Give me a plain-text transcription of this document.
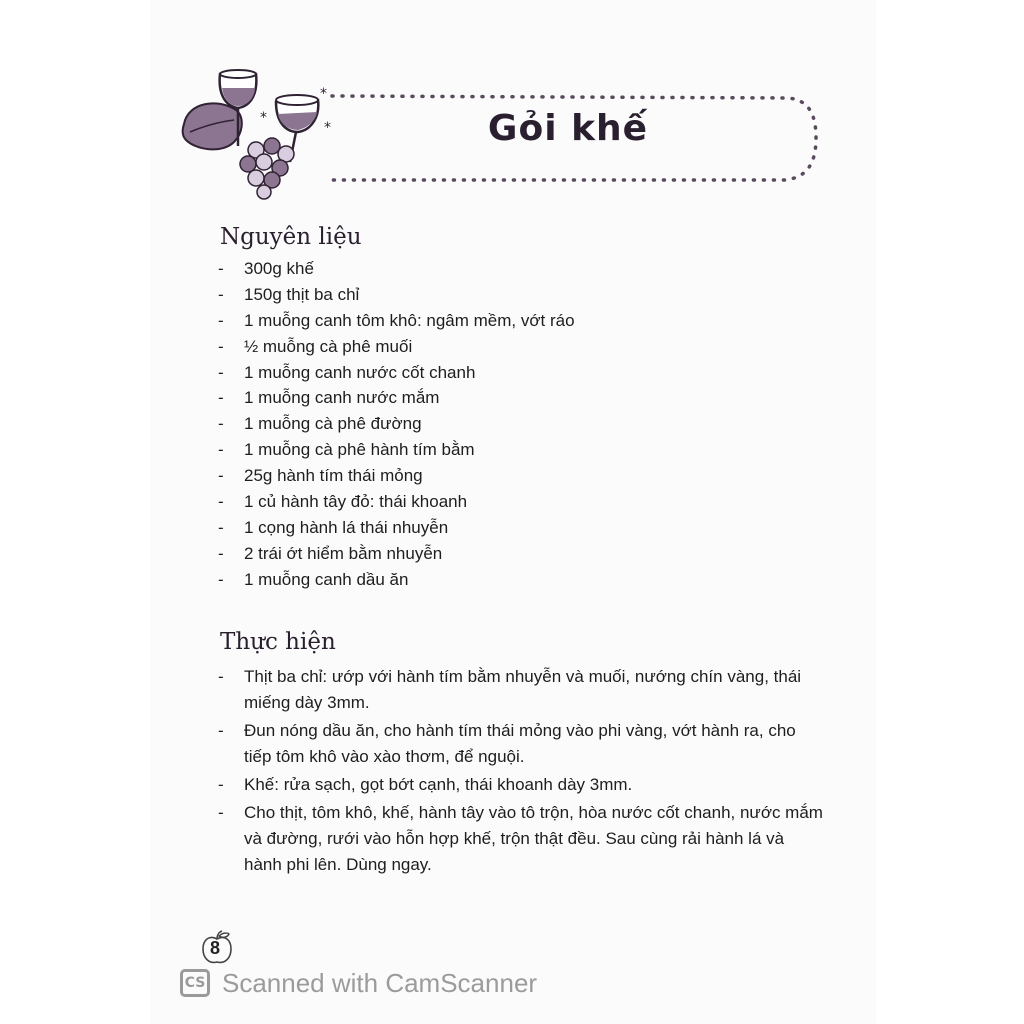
*
*
*	Gỏi khế
Nguyên liệu
- 300g khế
- 150g thịt ba chỉ
- 1 muỗng canh tôm khô: ngâm mềm, vớt ráo
- ½ muỗng cà phê muối
- 1 muỗng canh nước cốt chanh
- 1 muỗng canh nước mắm
- 1 muỗng cà phê đường
- 1 muỗng cà phê hành tím bằm
- 25g hành tím thái mỏng
- 1 củ hành tây đỏ: thái khoanh
- 1 cọng hành lá thái nhuyễn
- 2 trái ớt hiểm bằm nhuyễn
- 1 muỗng canh dầu ăn
Thực hiện
- Thịt ba chỉ: ướp với hành tím bằm nhuyễn và muối, nướng chín vàng, thái miếng dày 3mm.
- Đun nóng dầu ăn, cho hành tím thái mỏng vào phi vàng, vớt hành ra, cho tiếp tôm khô vào xào thơm, để nguội.
- Khế: rửa sạch, gọt bớt cạnh, thái khoanh dày 3mm.
- Cho thịt, tôm khô, khế, hành tây vào tô trộn, hòa nước cốt chanh, nước mắm và đường, rưới vào hỗn hợp khế, trộn thật đều. Sau cùng rải hành lá và hành phi lên. Dùng ngay.
8
CS Scanned with CamScanner
